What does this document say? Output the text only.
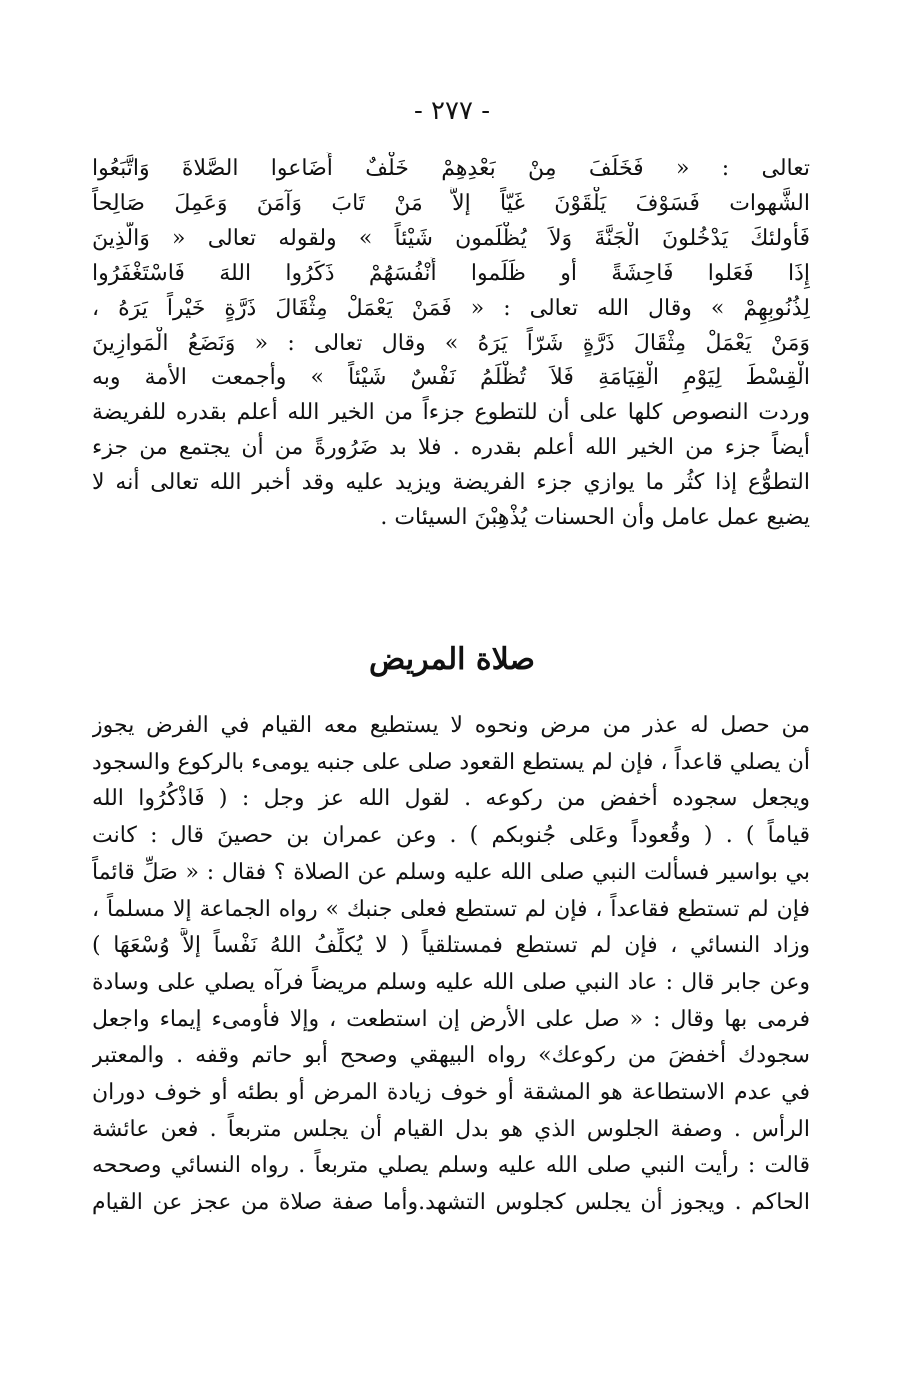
- ٢٧٧ -
تعالى : « فَخَلَفَ مِنْ بَعْدِهِمْ خَلْفٌ أَضَاعوا الصَّلاةَ وَاتَّبَعُوا
الشَّهوات فَسَوْفَ يَلْقَوْنَ غَيّاً إلاَّ مَنْ تَابَ وَآمَنَ وَعَمِلَ صَالِحاً
فَأولئكَ يَدْخُلونَ الْجَنَّةَ وَلاَ يُظْلَمون شَيْئاً » ولقوله تعالى « وَالّذِينَ
إِذَا فَعَلوا فَاحِشَةً أو ظَلَموا أَنْفُسَهُمْ ذَكَرُوا اللهَ فَاسْتَغْفَرُوا
لِذُنُوبِهِمْ » وقال الله تعالى : « فَمَنْ يَعْمَلْ مِثْقَالَ ذَرَّةٍ خَيْراً يَرَهُ ،
وَمَنْ يَعْمَلْ مِثْقَالَ ذَرَّةٍ شَرّاً يَرَهُ » وقال تعالى : « وَنَضَعُ الْمَوازِينَ
الْقِسْطَ لِيَوْمِ الْقِيَامَةِ فَلاَ تُظْلَمُ نَفْسٌ شَيْئاً » وأجمعت الأمة وبه
وردت النصوص كلها على أن للتطوع جزءاً من الخير الله أعلم بقدره للفريضة
أيضاً جزء من الخير الله أعلم بقدره . فلا بد ضَرُورةً من أن يجتمع من جزء
التطوُّع إذا كثُر ما يوازي جزء الفريضة ويزيد عليه وقد أخبر الله تعالى أنه لا
يضيع عمل عامل وأن الحسنات يُذْهِبْنَ السيئات .
صلاة المريض
من حصل له عذر من مرض ونحوه لا يستطيع معه القيام في الفرض يجوز
أن يصلي قاعداً ، فإن لم يستطع القعود صلى على جنبه يومىء بالركوع والسجود
ويجعل سجوده أخفض من ركوعه . لقول الله عز وجل : ( فَاذْكُرُوا الله
قياماً ) . ( وقُعوداً وعَلى جُنوبكم ) . وعن عمران بن حصينَ قال : كانت
بي بواسير فسألت النبي صلى الله عليه وسلم عن الصلاة ؟ فقال : « صَلِّ قائماً
فإن لم تستطع فقاعداً ، فإن لم تستطع فعلى جنبك » رواه الجماعة إلا مسلماً ،
وزاد النسائي ، فإن لم تستطع فمستلقياً ( لا يُكلِّفُ اللهُ نَفْساً إلاَّ وُسْعَهَا )
وعن جابر قال : عاد النبي صلى الله عليه وسلم مريضاً فرآه يصلي على وسادة
فرمى بها وقال : « صل على الأرض إن استطعت ، وإلا فأومىء إيماء واجعل
سجودك أخفضَ من ركوعك» رواه البيهقي وصحح أبو حاتم وقفه . والمعتبر
في عدم الاستطاعة هو المشقة أو خوف زيادة المرض أو بطئه أو خوف دوران
الرأس . وصفة الجلوس الذي هو بدل القيام أن يجلس متربعاً . فعن عائشة
قالت : رأيت النبي صلى الله عليه وسلم يصلي متربعاً . رواه النسائي وصححه
الحاكم . ويجوز أن يجلس كجلوس التشهد.وأما صفة صلاة من عجز عن القيام
